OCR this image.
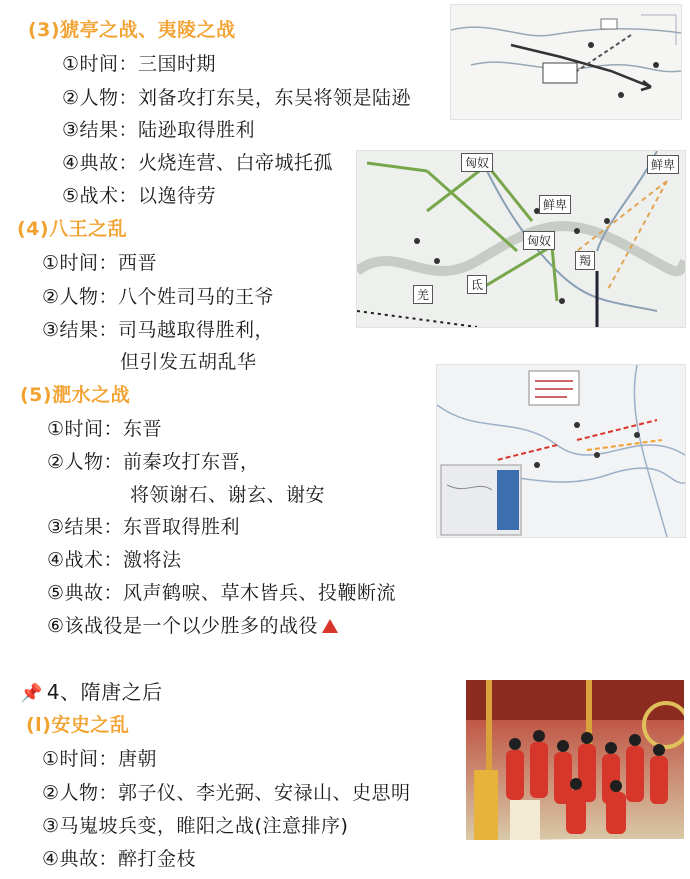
(3)猇亭之战、夷陵之战
①时间：三国时期
②人物：刘备攻打东吴，东吴将领是陆逊
③结果：陆逊取得胜利
④典故：火烧连营、白帝城托孤
⑤战术：以逸待劳
(4)八王之乱
①时间：西晋
②人物：八个姓司马的王爷
③结果：司马越取得胜利，
但引发五胡乱华
(5)淝水之战
①时间：东晋
②人物：前秦攻打东晋，
将领谢石、谢玄、谢安
③结果：东晋取得胜利
④战术：激将法
⑤典故：风声鹤唳、草木皆兵、投鞭断流
⑥该战役是一个以少胜多的战役
📌 4、隋唐之后
(l)安史之乱
①时间：唐朝
②人物：郭子仪、李光弼、安禄山、史思明
③马嵬坡兵变，睢阳之战(注意排序)
④典故：醉打金枝
匈奴	鲜卑
鲜卑
匈奴
羯
氐
羌
